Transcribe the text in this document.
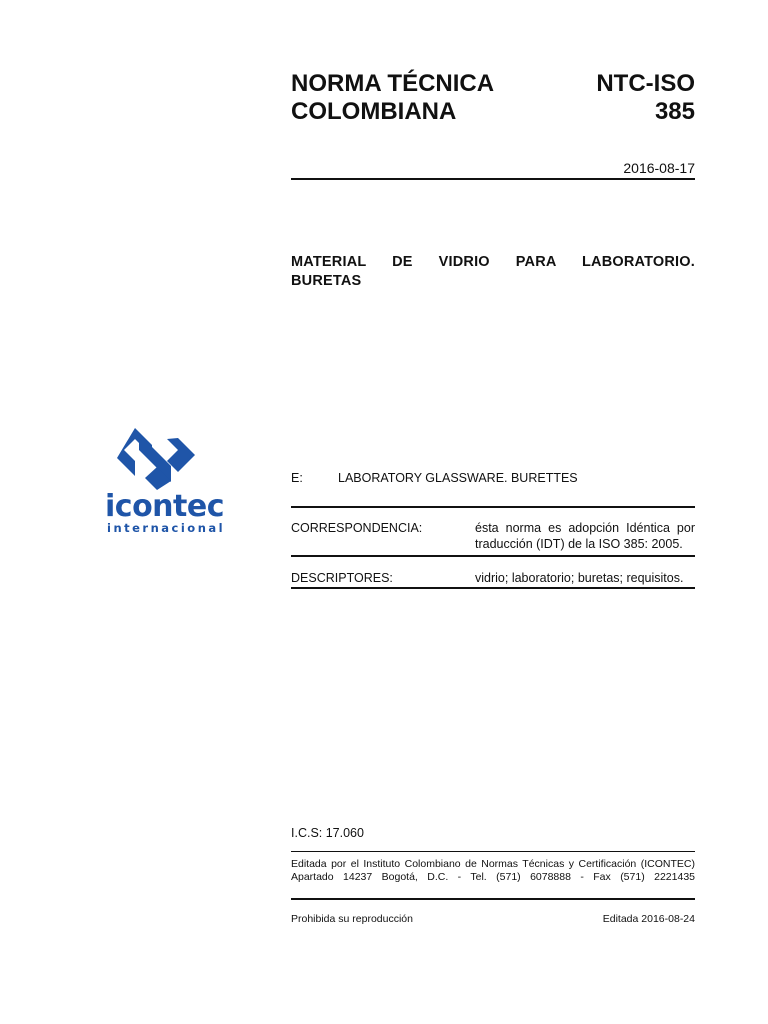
NORMA TÉCNICA
COLOMBIANA
NTC-ISO
385
2016-08-17
MATERIAL DE VIDRIO PARA LABORATORIO.
BURETAS
icontec
internacional
E:	LABORATORY GLASSWARE. BURETTES
CORRESPONDENCIA:	ésta norma es adopción Idéntica por
traducción (IDT) de la ISO 385: 2005.
DESCRIPTORES:	vidrio; laboratorio; buretas; requisitos.
I.C.S: 17.060
Editada por el Instituto Colombiano de Normas Técnicas y Certificación (ICONTEC)
Apartado 14237 Bogotá, D.C. - Tel. (571) 6078888 - Fax (571) 2221435
Prohibida su reproducción	Editada 2016-08-24
